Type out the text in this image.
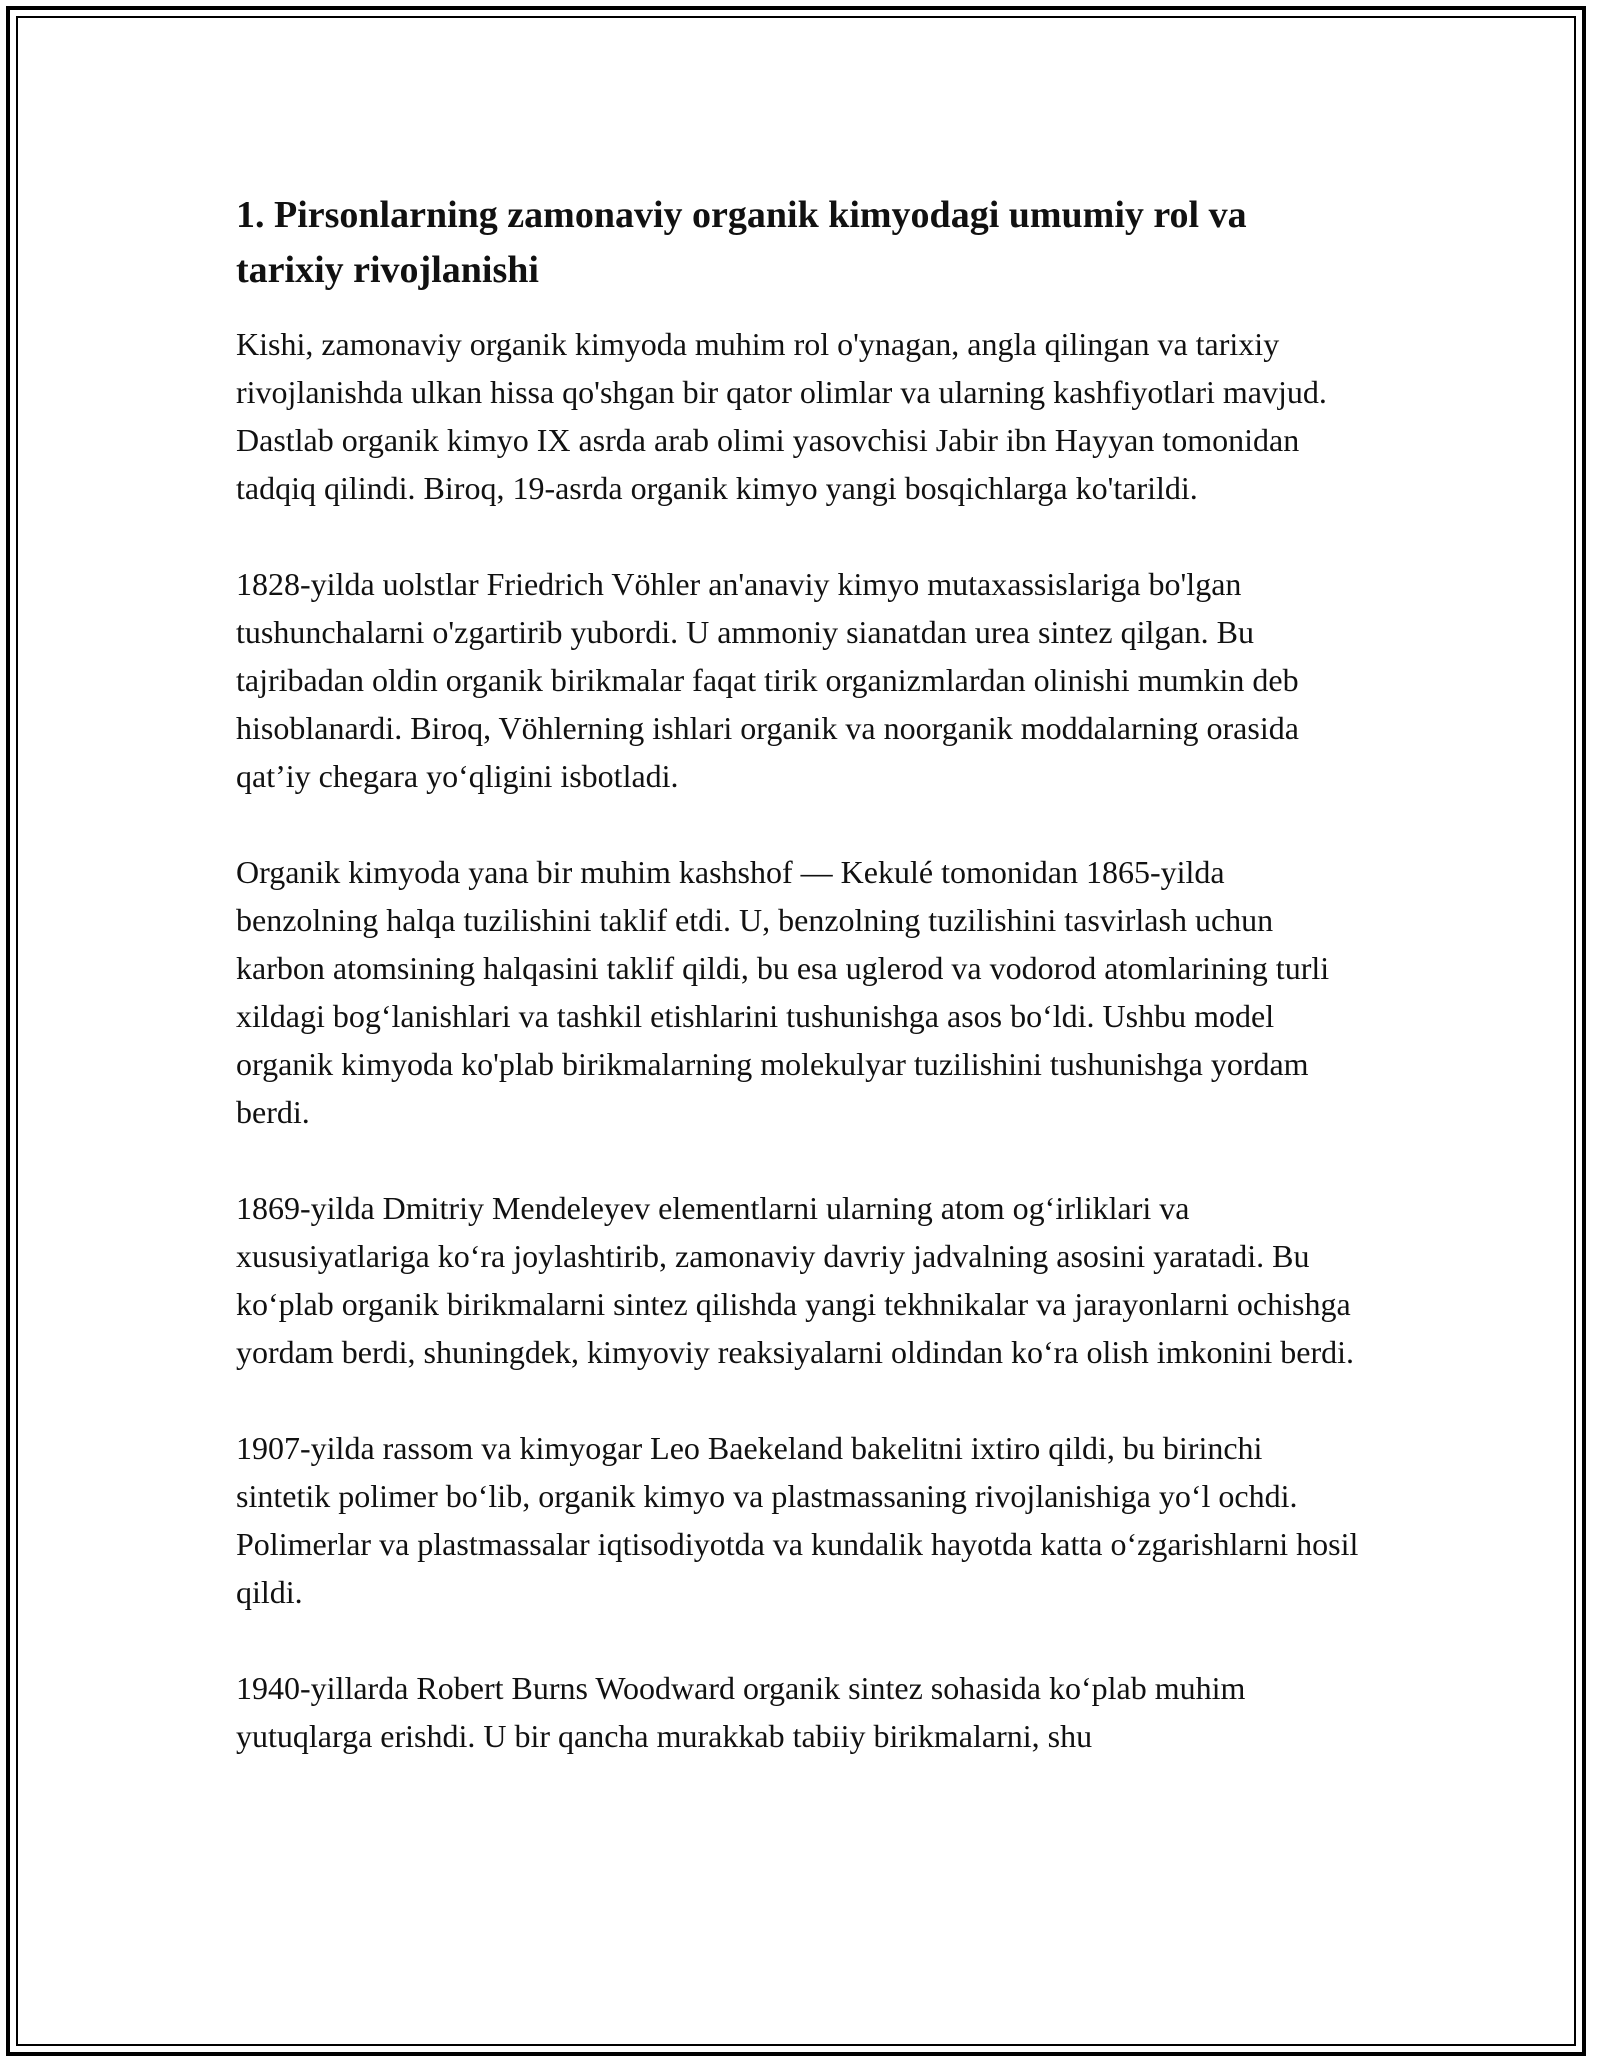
1. Pirsonlarning zamonaviy organik kimyodagi umumiy rol va tarixiy rivojlanishi

Kishi, zamonaviy organik kimyoda muhim rol o'ynagan, angla qilingan va tarixiy rivojlanishda ulkan hissa qo'shgan bir qator olimlar va ularning kashfiyotlari mavjud. Dastlab organik kimyo IX asrda arab olimi yasovchisi Jabir ibn Hayyan tomonidan tadqiq qilindi. Biroq, 19-asrda organik kimyo yangi bosqichlarga ko'tarildi.

1828-yilda uolstlar Friedrich Vöhler an'anaviy kimyo mutaxassislariga bo'lgan tushunchalarni o'zgartirib yubordi. U ammoniy sianatdan urea sintez qilgan. Bu tajribadan oldin organik birikmalar faqat tirik organizmlardan olinishi mumkin deb hisoblanardi. Biroq, Vöhlerning ishlari organik va noorganik moddalarning orasida qat’iy chegara yo‘qligini isbotladi.

Organik kimyoda yana bir muhim kashshof — Kekulé tomonidan 1865-yilda benzolning halqa tuzilishini taklif etdi. U, benzolning tuzilishini tasvirlash uchun karbon atomsining halqasini taklif qildi, bu esa uglerod va vodorod atomlarining turli xildagi bog‘lanishlari va tashkil etishlarini tushunishga asos bo‘ldi. Ushbu model organik kimyoda ko'plab birikmalarning molekulyar tuzilishini tushunishga yordam berdi.

1869-yilda Dmitriy Mendeleyev elementlarni ularning atom og‘irliklari va xususiyatlariga ko‘ra joylashtirib, zamonaviy davriy jadvalning asosini yaratadi. Bu ko‘plab organik birikmalarni sintez qilishda yangi tekhnikalar va jarayonlarni ochishga yordam berdi, shuningdek, kimyoviy reaksiyalarni oldindan ko‘ra olish imkonini berdi.

1907-yilda rassom va kimyogar Leo Baekeland bakelitni ixtiro qildi, bu birinchi sintetik polimer bo‘lib, organik kimyo va plastmassaning rivojlanishiga yo‘l ochdi. Polimerlar va plastmassalar iqtisodiyotda va kundalik hayotda katta o‘zgarishlarni hosil qildi.

1940-yillarda Robert Burns Woodward organik sintez sohasida ko‘plab muhim yutuqlarga erishdi. U bir qancha murakkab tabiiy birikmalarni, shu
